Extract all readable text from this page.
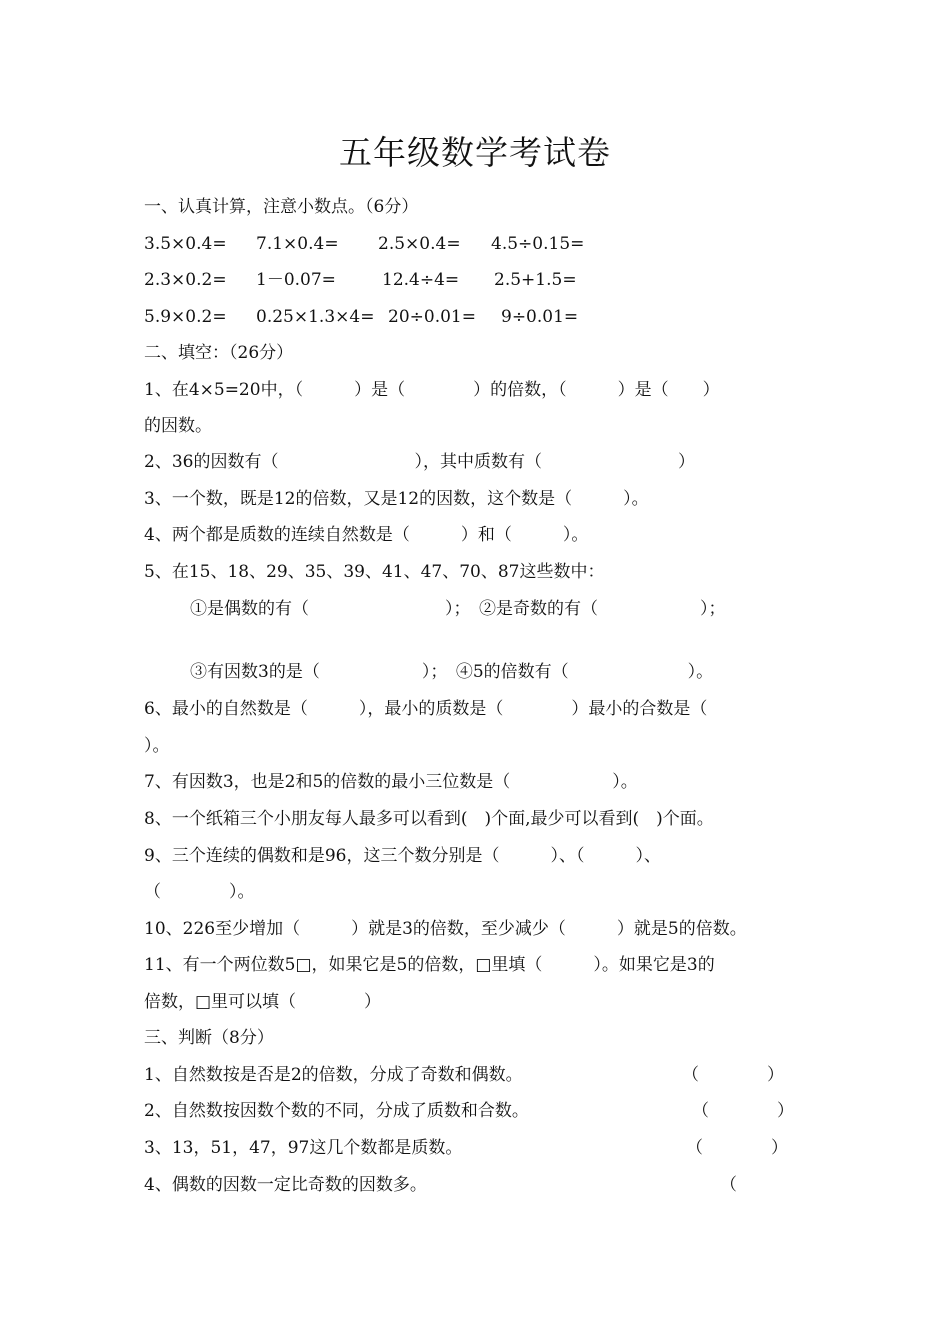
五年级数学考试卷
一、认真计算，注意小数点。（6分）
3.5×0.4= 7.1×0.4= 2.5×0.4= 4.5÷0.15=
2.3×0.2= 1－0.07=	12.4÷4= 2.5+1.5=
5.9×0.2= 0.25×1.3×4= 20÷0.01= 9÷0.01=
二、填空：（26分）
1、在4×5=20中，（　　　）是（　　　　）的倍数，（　　　）是（　　）
的因数。
2、36的因数有（　　　　　　　　），其中质数有（　　　　　　　　）
3、一个数，既是12的倍数，又是12的因数，这个数是（　　　）。
4、两个都是质数的连续自然数是（　　　）和（　　　）。
5、在15、18、29、35、39、41、47、70、87这些数中：
①是偶数的有（　　　　　　　　）；　②是奇数的有（　　　　　　）；
③有因数3的是（　　　　　　）；　④5的倍数有（　　　　　　　）。
6、最小的自然数是（　　　），最小的质数是（　　　　）最小的合数是（
）。
7、有因数3，也是2和5的倍数的最小三位数是（　　　　　　）。
8、一个纸箱三个小朋友每人最多可以看到(　)个面,最少可以看到(　)个面。
9、三个连续的偶数和是96，这三个数分别是（　　　）、（　　　）、
（　　　　）。
10、226至少增加（　　　）就是3的倍数，至少减少（　　　）就是5的倍数。
11、有一个两位数5□，如果它是5的倍数，□里填（　　　）。如果它是3的
倍数，□里可以填（　　　　）
三、判断（8分）
1、自然数按是否是2的倍数，分成了奇数和偶数。	（　　　　）
2、自然数按因数个数的不同，分成了质数和合数。	（　　　　）
3、13，51，47，97这几个数都是质数。	（　　　　）
4、偶数的因数一定比奇数的因数多。	（
